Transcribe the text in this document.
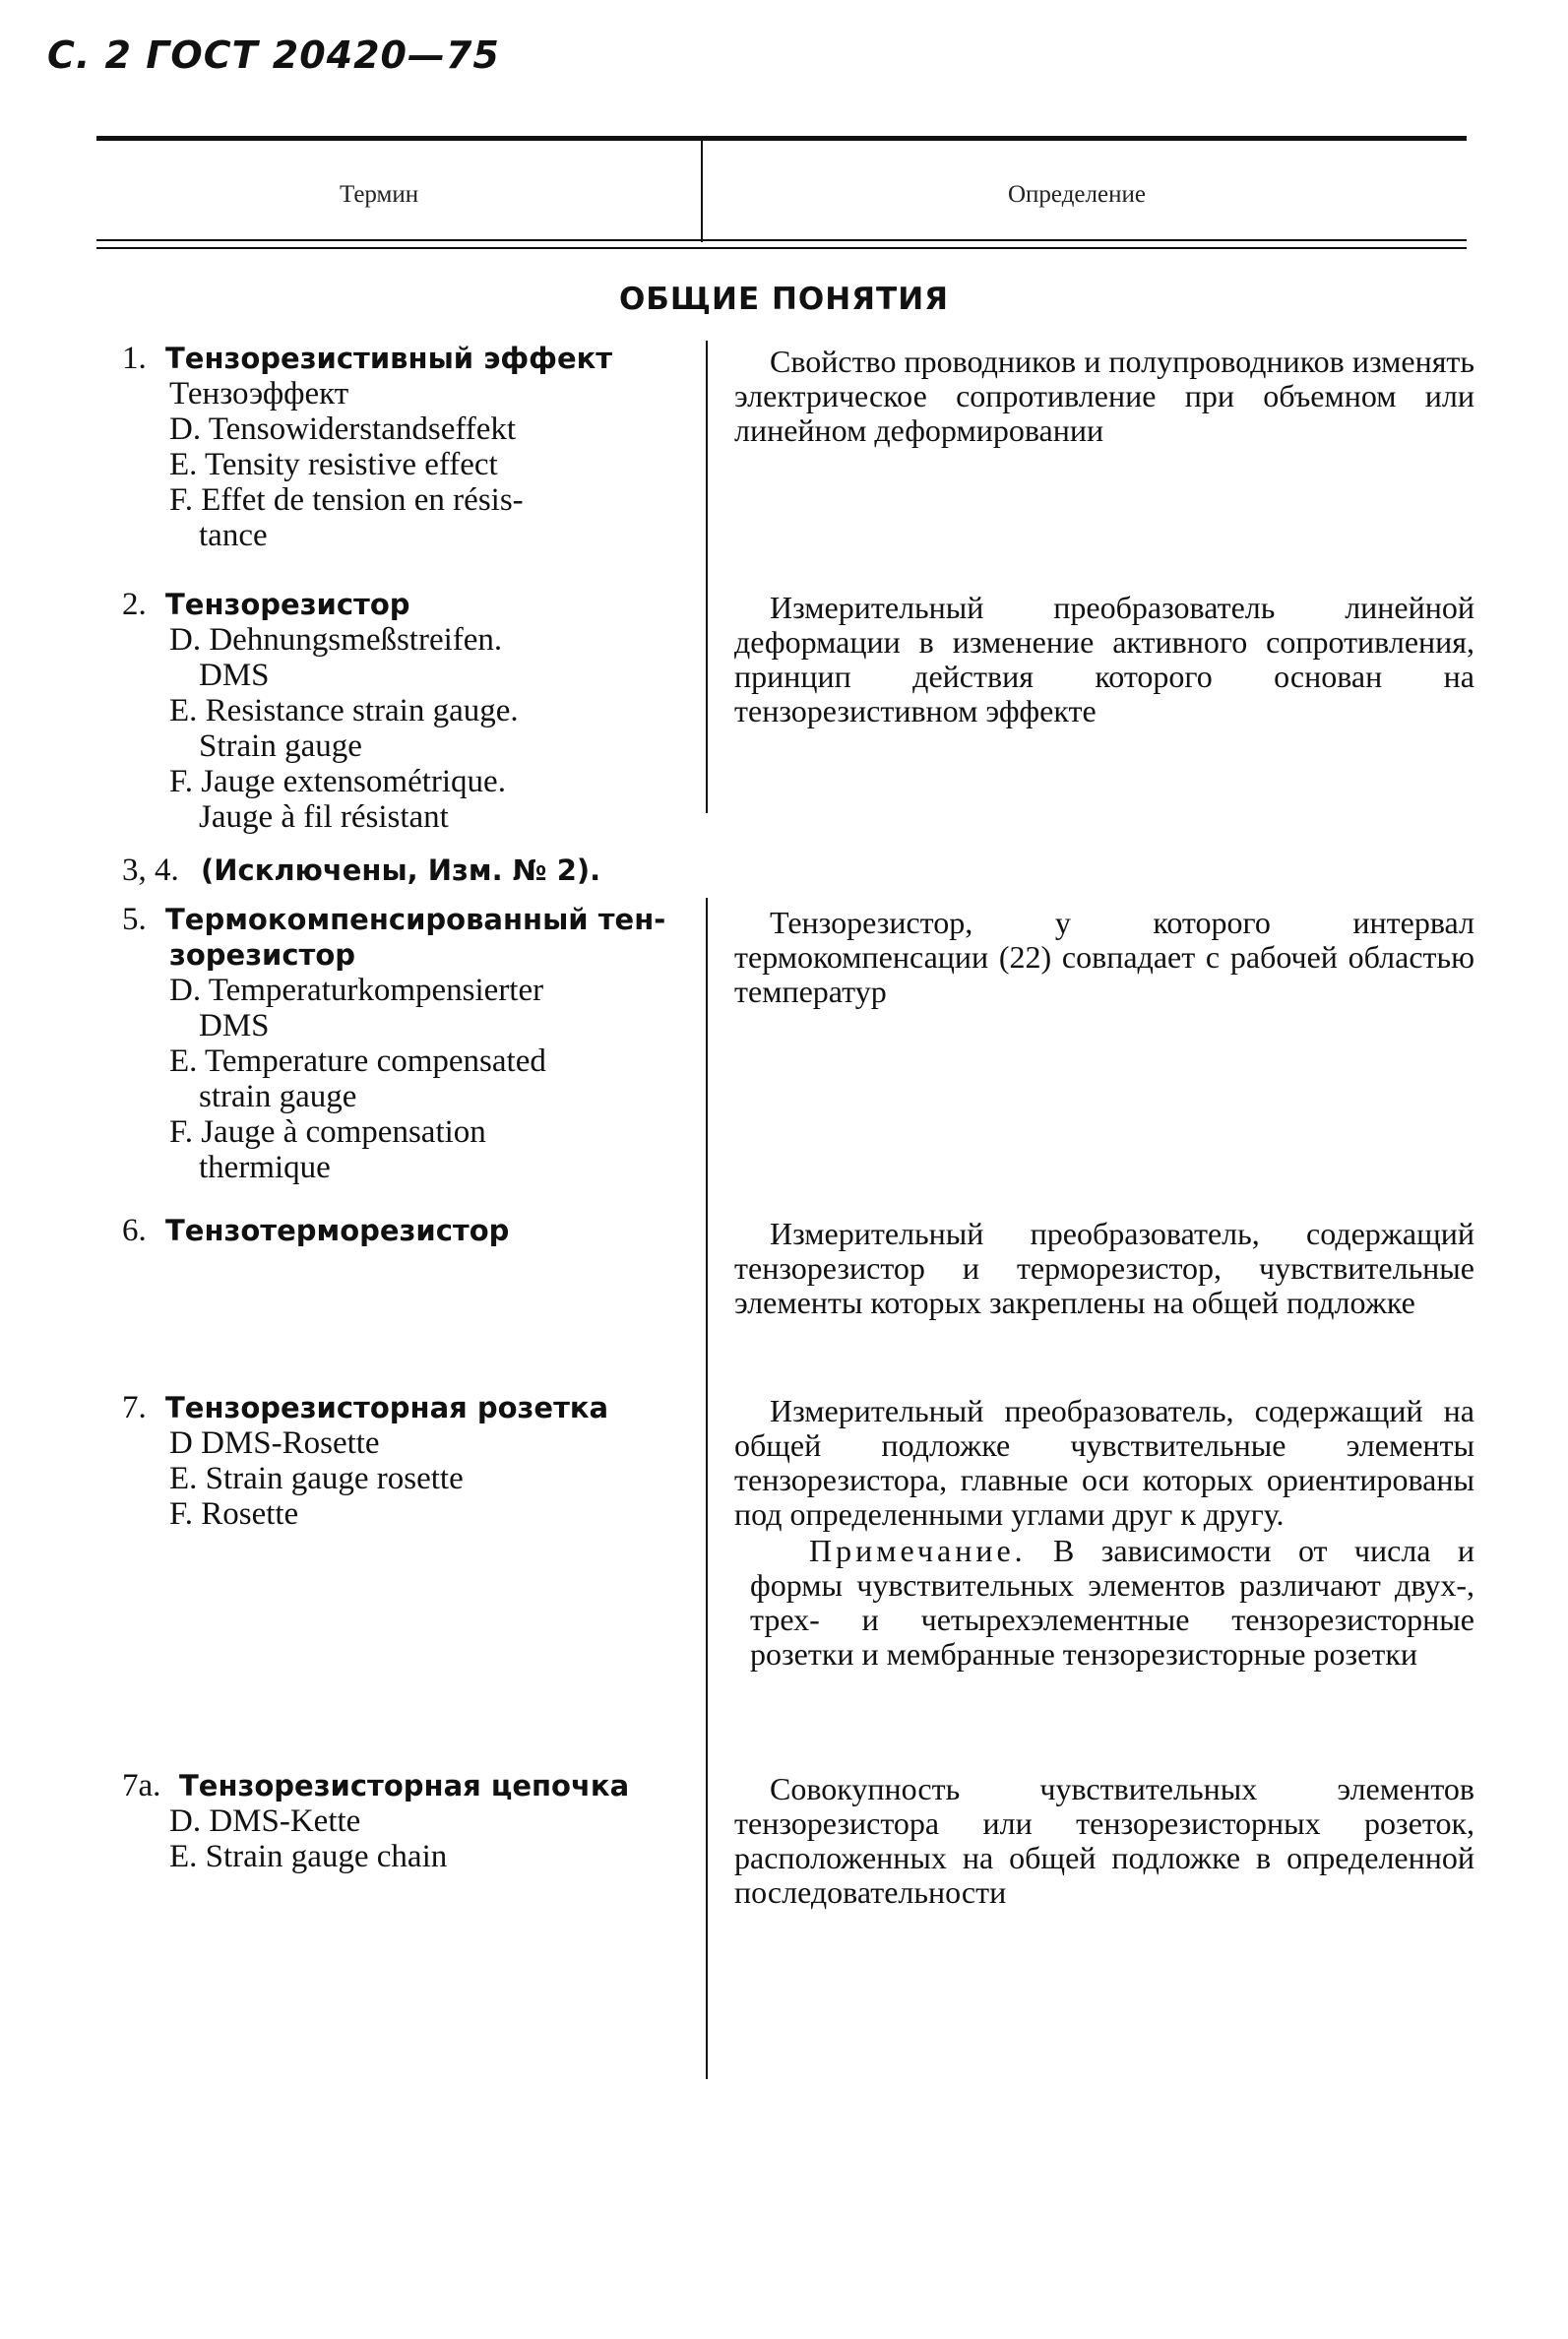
С. 2 ГОСТ 20420—75
Термин	Определение
ОБЩИЕ ПОНЯТИЯ
1. Тензорезистивный эффект
Тензоэффект
D. Tensowiderstandseffekt
E. Tensity resistive effect
F. Effet de tension en résis-
tance
Свойство проводников и полупроводников изменять электрическое сопротивление при объемном или линейном деформировании
2. Тензорезистор
D. Dehnungsmeßstreifen.
DMS
E. Resistance strain gauge.
Strain gauge
F. Jauge extensométrique.
Jauge à fil résistant
Измерительный преобразователь линейной деформации в изменение активного сопротивления, принцип действия которого основан на тензорезистивном эффекте
3, 4. (Исключены, Изм. № 2).
5. Термокомпенсированный тен-
зорезистор
D. Temperaturkompensierter
DMS
E. Temperature compensated
strain gauge
F. Jauge à compensation
thermique
Тензорезистор, у которого интервал термокомпенсации (22) совпадает с рабочей областью температур
6. Тензотерморезистор	Измерительный преобразователь, содержащий тензорезистор и терморезистор, чувствительные элементы которых закреплены на общей подложке
7. Тензорезисторная розетка
D DMS-Rosette
E. Strain gauge rosette
F. Rosette
Измерительный преобразователь, содержащий на общей подложке чувствительные элементы тензорезистора, главные оси которых ориентированы под определенными углами друг к другу.
Примечание. В зависимости от числа и формы чувствительных элементов различают двух-, трех- и четырехэлементные тензорезисторные розетки и мембранные тензорезисторные розетки
7а. Тензорезисторная цепочка
D. DMS-Kette
E. Strain gauge chain
Совокупность чувствительных элементов тензорезистора или тензорезисторных розеток, расположенных на общей подложке в определенной последовательности
